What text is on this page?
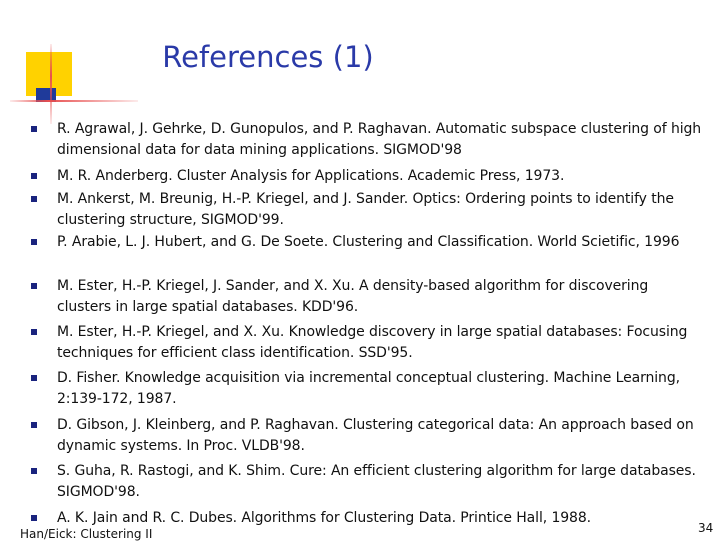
References (1)
R. Agrawal, J. Gehrke, D. Gunopulos, and P. Raghavan. Automatic subspace clustering of high dimensional data for data mining applications. SIGMOD'98
M. R. Anderberg. Cluster Analysis for Applications. Academic Press, 1973.
M. Ankerst, M. Breunig, H.-P. Kriegel, and J. Sander. Optics: Ordering points to identify the clustering structure, SIGMOD'99.
P. Arabie, L. J. Hubert, and G. De Soete. Clustering and Classification. World Scietific, 1996
M. Ester, H.-P. Kriegel, J. Sander, and X. Xu. A density-based algorithm for discovering clusters in large spatial databases. KDD'96.
M. Ester, H.-P. Kriegel, and X. Xu. Knowledge discovery in large spatial databases: Focusing techniques for efficient class identification. SSD'95.
D. Fisher. Knowledge acquisition via incremental conceptual clustering. Machine Learning, 2:139-172, 1987.
D. Gibson, J. Kleinberg, and P. Raghavan. Clustering categorical data: An approach based on dynamic systems. In Proc. VLDB'98.
S. Guha, R. Rastogi, and K. Shim. Cure: An efficient clustering algorithm for large databases. SIGMOD'98.
A. K. Jain and R. C. Dubes. Algorithms for Clustering Data. Printice Hall, 1988.
Han/Eick: Clustering II	34
